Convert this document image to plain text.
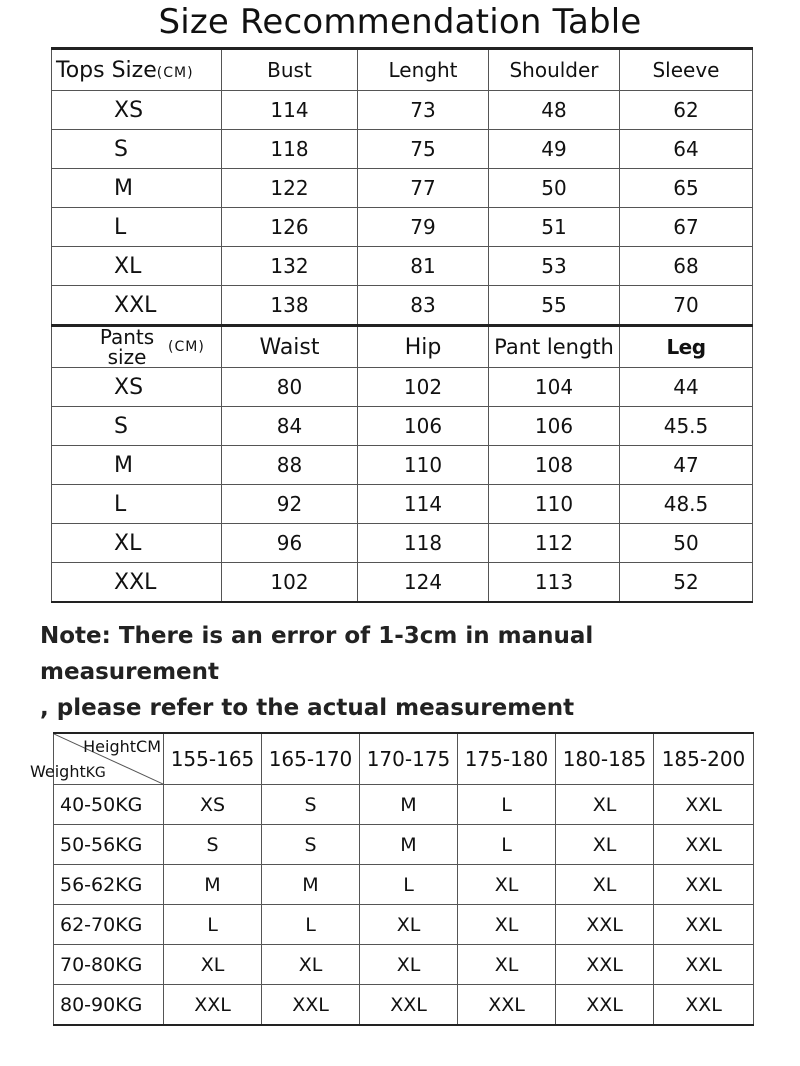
Size Recommendation Table
Tops Size(CM)	Bust	Lenght	Shoulder	Sleeve
XS	114	73	48	62
S	118	75	49	64
M	122	77	50	65
L	126	79	51	67
XL	132	81	53	68
XXL	138	83	55	70
Pants
size (CM)	Waist	Hip	Pant length	Leg
XS	80	102	104	44
S	84	106	106	45.5
M	88	110	108	47
L	92	114	110	48.5
XL	96	118	112	50
XXL	102	124	113	52
Note: There is an error of 1-3cm in manual measurement
, please refer to the actual measurement
HeightCM
WeightKG	155-165	165-170	170-175	175-180	180-185	185-200
40-50KG	XS	S	M	L	XL	XXL
50-56KG	S	S	M	L	XL	XXL
56-62KG	M	M	L	XL	XL	XXL
62-70KG	L	L	XL	XL	XXL	XXL
70-80KG	XL	XL	XL	XL	XXL	XXL
80-90KG	XXL	XXL	XXL	XXL	XXL	XXL
